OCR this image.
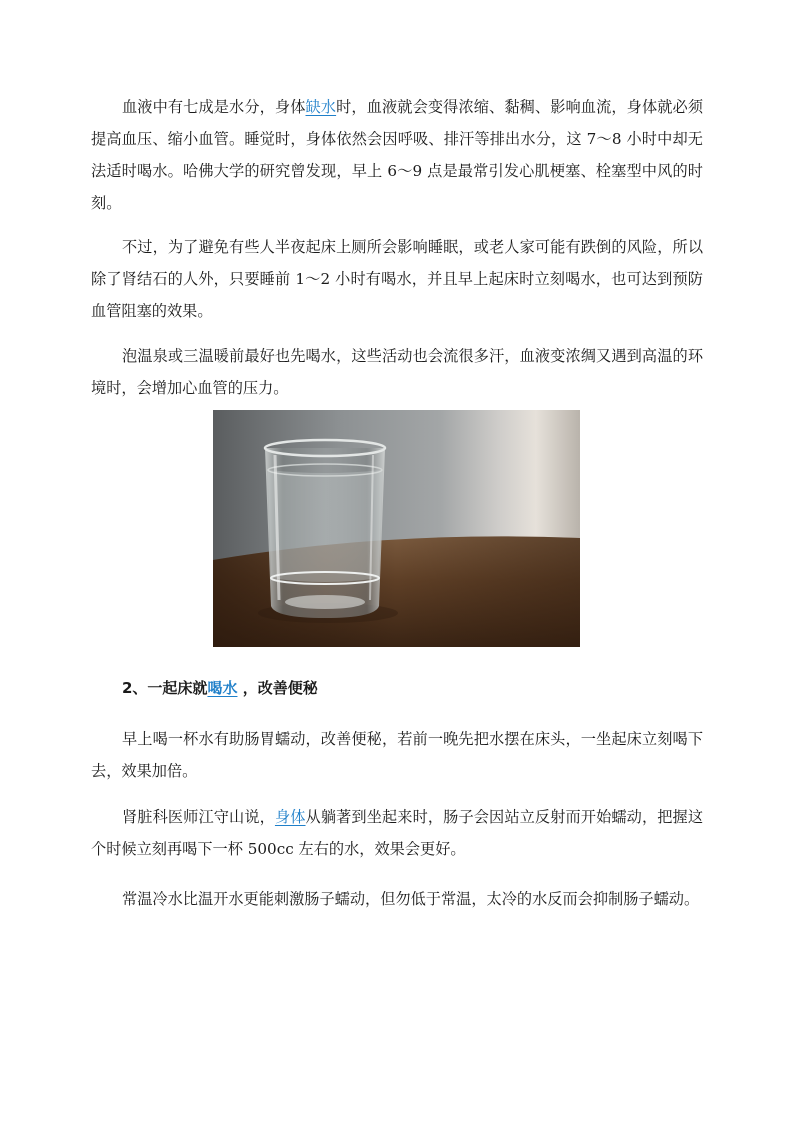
血液中有七成是水分，身体缺水时，血液就会变得浓缩、黏稠、影响血流，身体就必须提高血压、缩小血管。睡觉时，身体依然会因呼吸、排汗等排出水分，这 7～8 小时中却无法适时喝水。哈佛大学的研究曾发现，早上 6～9 点是最常引发心肌梗塞、栓塞型中风的时刻。

不过，为了避免有些人半夜起床上厕所会影响睡眠，或老人家可能有跌倒的风险，所以除了肾结石的人外，只要睡前 1～2 小时有喝水，并且早上起床时立刻喝水，也可达到预防血管阻塞的效果。

泡温泉或三温暖前最好也先喝水，这些活动也会流很多汗，血液变浓绸又遇到高温的环境时，会增加心血管的压力。

2、一起床就喝水 ，改善便秘

早上喝一杯水有助肠胃蠕动，改善便秘，若前一晚先把水摆在床头，一坐起床立刻喝下去，效果加倍。

肾脏科医师江守山说，身体从躺著到坐起来时，肠子会因站立反射而开始蠕动，把握这个时候立刻再喝下一杯 500cc 左右的水，效果会更好。

常温冷水比温开水更能刺激肠子蠕动，但勿低于常温，太冷的水反而会抑制肠子蠕动。
